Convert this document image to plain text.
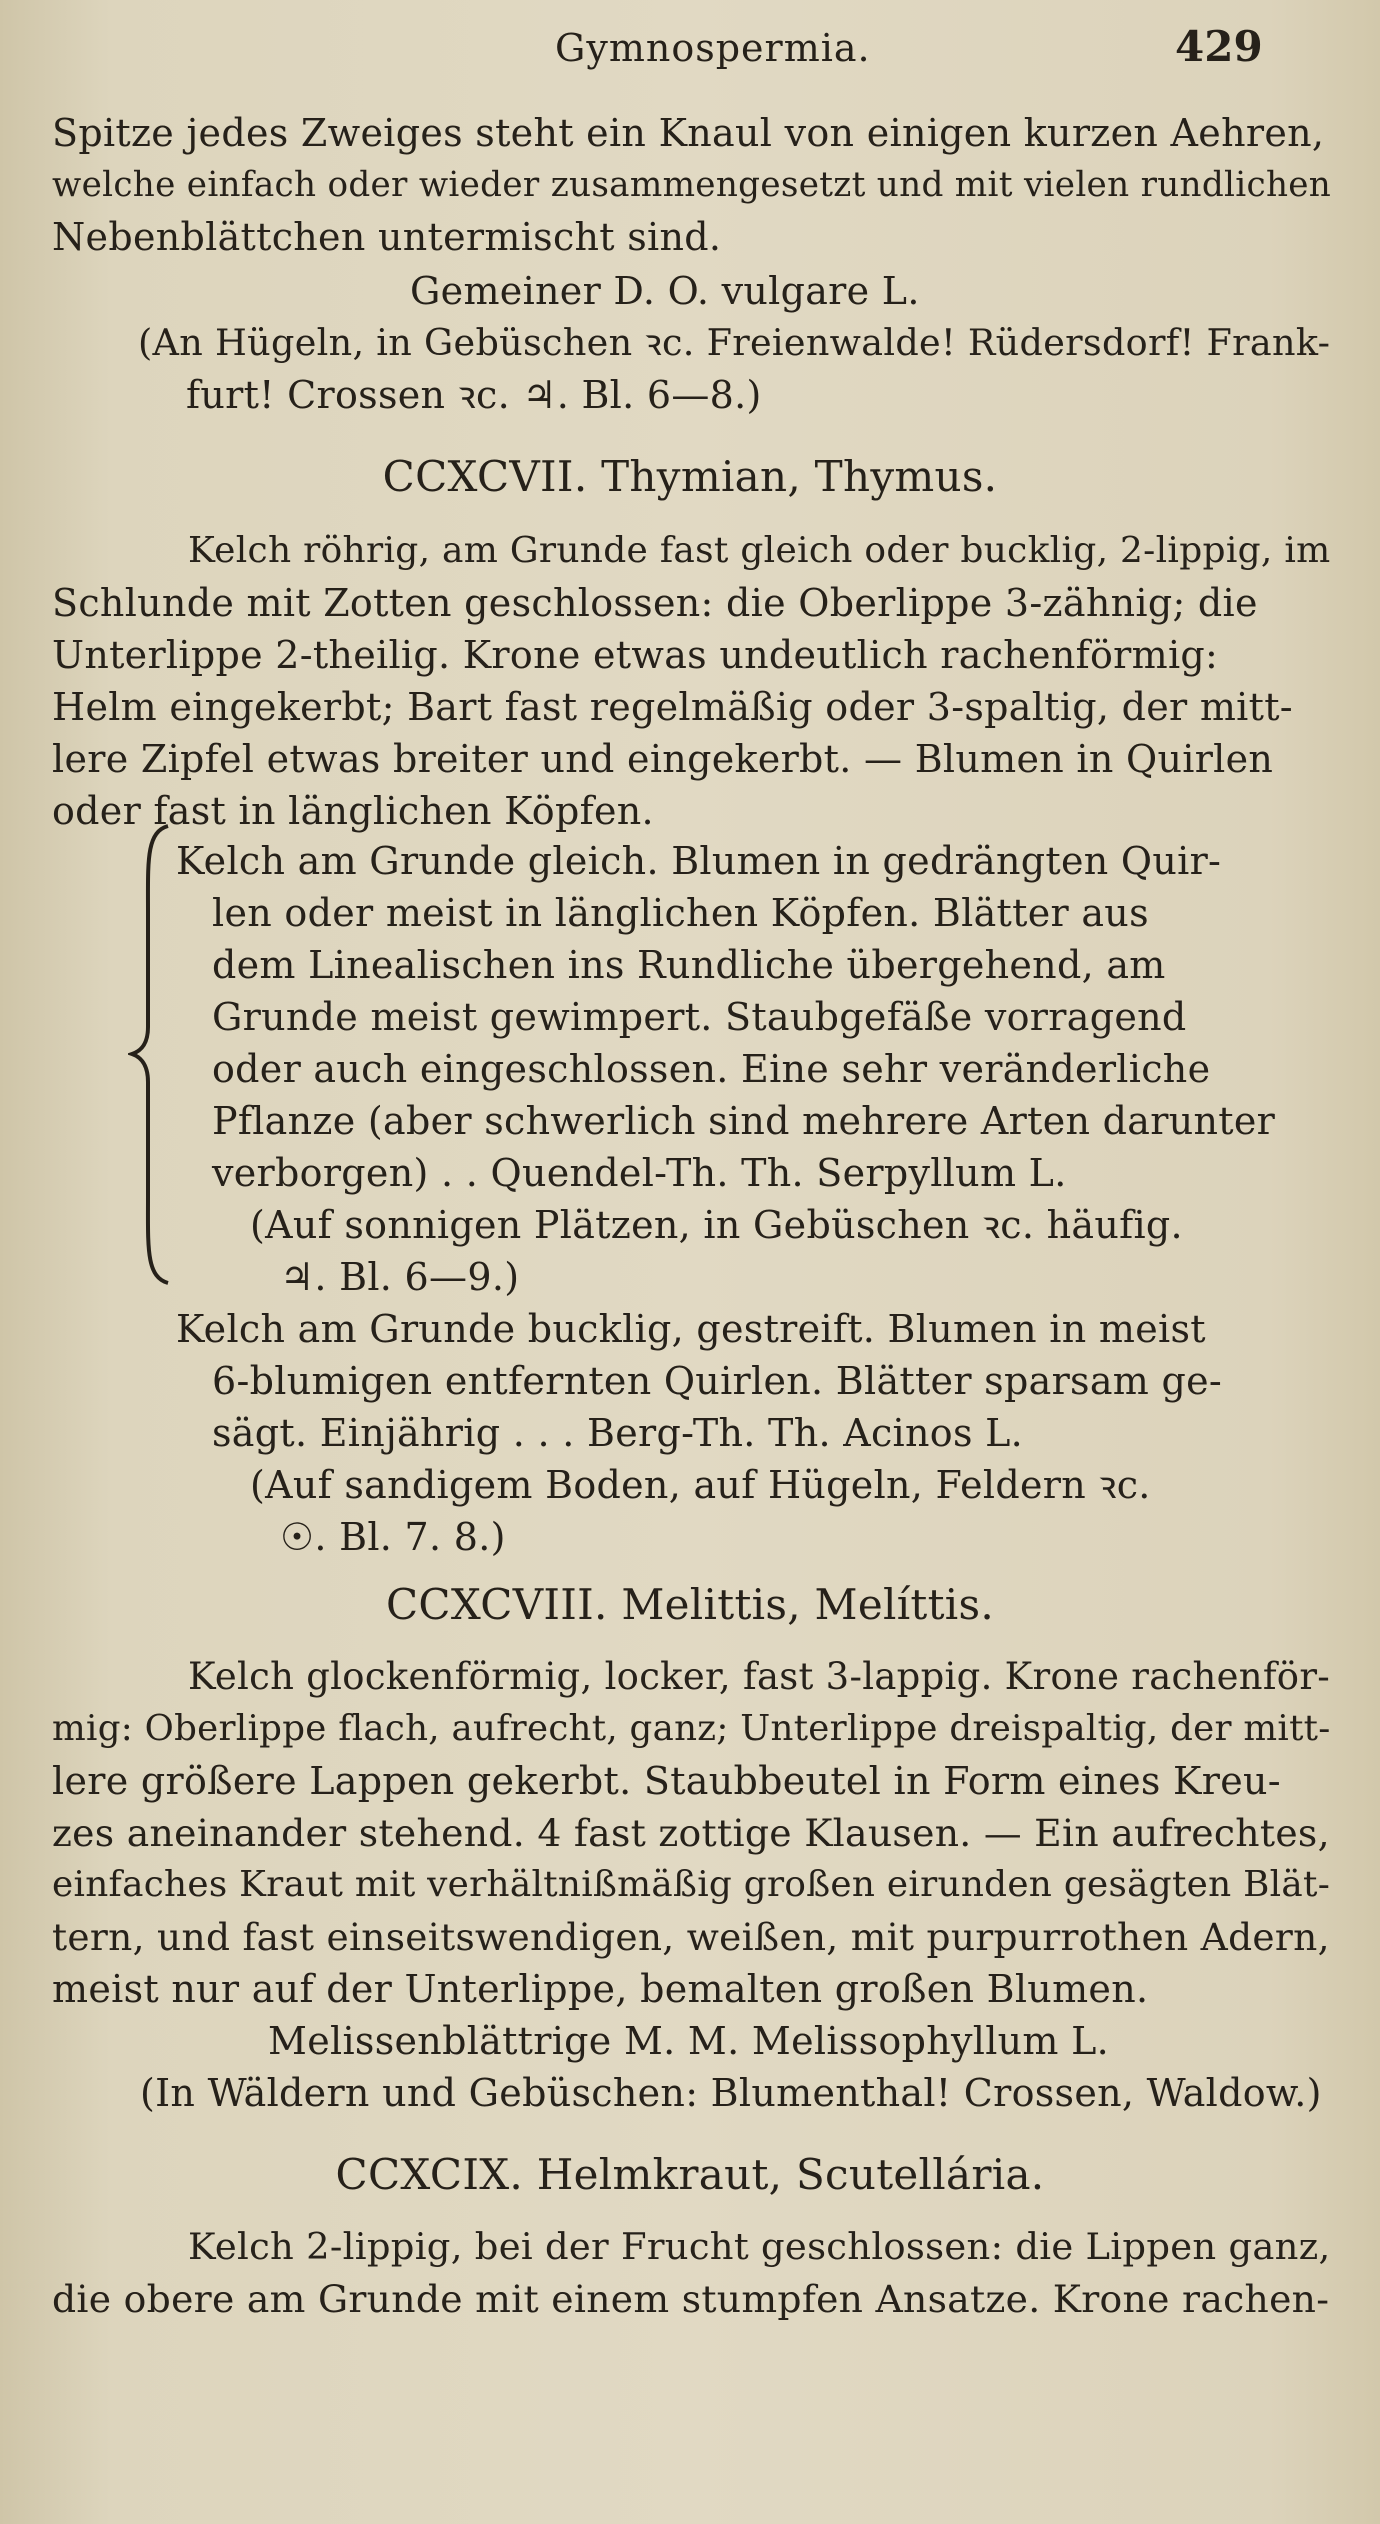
Gymnospermia.	429
Spitze jedes Zweiges steht ein Knaul von einigen kurzen Aehren,
welche einfach oder wieder zusammengesetzt und mit vielen rundlichen
Nebenblättchen untermischt sind.
Gemeiner D. O. vulgare L.
(An Hügeln, in Gebüschen ꝛc. Freienwalde! Rüdersdorf! Frank-
furt! Crossen ꝛc. ♃. Bl. 6—8.)
CCXCVII. Thymian, Thymus.
Kelch röhrig, am Grunde fast gleich oder bucklig, 2-lippig, im
Schlunde mit Zotten geschlossen: die Oberlippe 3-zähnig; die
Unterlippe 2-theilig. Krone etwas undeutlich rachenförmig:
Helm eingekerbt; Bart fast regelmäßig oder 3-spaltig, der mitt-
lere Zipfel etwas breiter und eingekerbt. — Blumen in Quirlen
oder fast in länglichen Köpfen.
Kelch am Grunde gleich. Blumen in gedrängten Quir-
len oder meist in länglichen Köpfen. Blätter aus
dem Linealischen ins Rundliche übergehend, am
Grunde meist gewimpert. Staubgefäße vorragend
oder auch eingeschlossen. Eine sehr veränderliche
Pflanze (aber schwerlich sind mehrere Arten darunter
verborgen) . . Quendel-Th. Th. Serpyllum L.
(Auf sonnigen Plätzen, in Gebüschen ꝛc. häufig.
♃. Bl. 6—9.)
Kelch am Grunde bucklig, gestreift. Blumen in meist
6-blumigen entfernten Quirlen. Blätter sparsam ge-
sägt. Einjährig . . . Berg-Th. Th. Acinos L.
(Auf sandigem Boden, auf Hügeln, Feldern ꝛc.
☉. Bl. 7. 8.)
CCXCVIII. Melittis, Melíttis.
Kelch glockenförmig, locker, fast 3-lappig. Krone rachenför-
mig: Oberlippe flach, aufrecht, ganz; Unterlippe dreispaltig, der mitt-
lere größere Lappen gekerbt. Staubbeutel in Form eines Kreu-
zes aneinander stehend. 4 fast zottige Klausen. — Ein aufrechtes,
einfaches Kraut mit verhältnißmäßig großen eirunden gesägten Blät-
tern, und fast einseitswendigen, weißen, mit purpurrothen Adern,
meist nur auf der Unterlippe, bemalten großen Blumen.
Melissenblättrige M. M. Melissophyllum L.
(In Wäldern und Gebüschen: Blumenthal! Crossen, Waldow.)
CCXCIX. Helmkraut, Scutellária.
Kelch 2-lippig, bei der Frucht geschlossen: die Lippen ganz,
die obere am Grunde mit einem stumpfen Ansatze. Krone rachen-
